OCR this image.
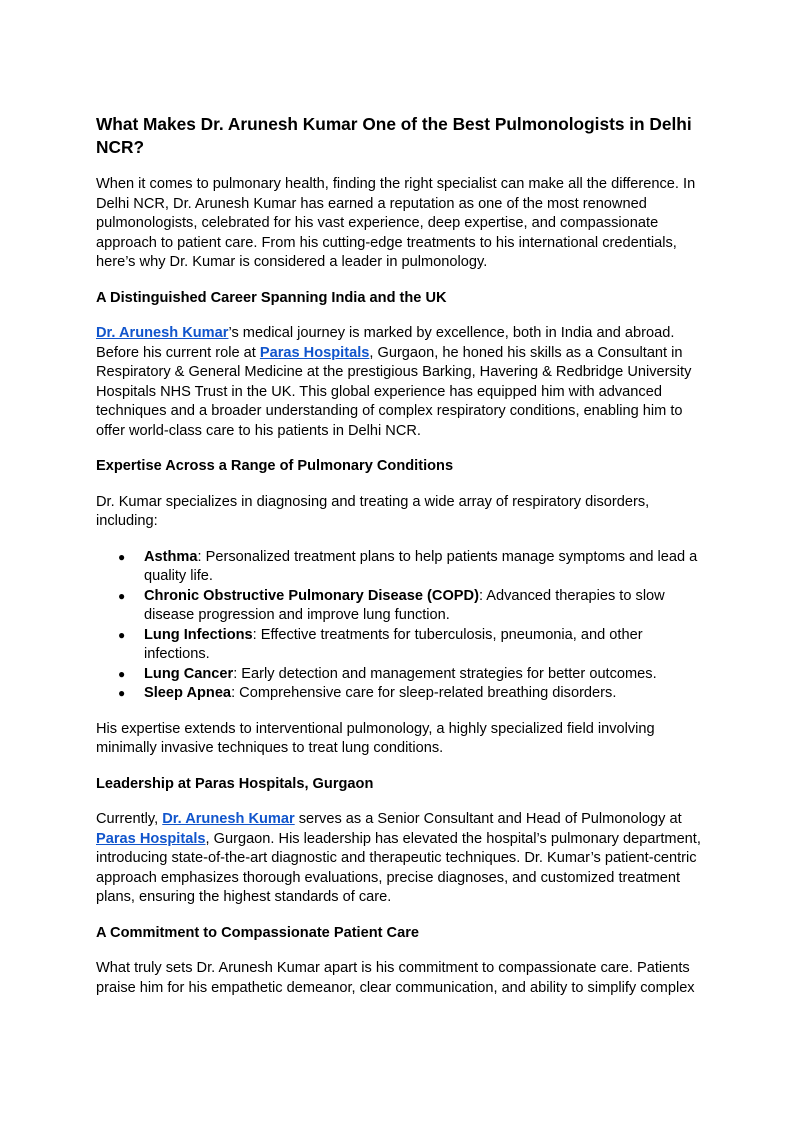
What Makes Dr. Arunesh Kumar One of the Best Pulmonologists in Delhi NCR?

When it comes to pulmonary health, finding the right specialist can make all the difference. In Delhi NCR, Dr. Arunesh Kumar has earned a reputation as one of the most renowned pulmonologists, celebrated for his vast experience, deep expertise, and compassionate approach to patient care. From his cutting-edge treatments to his international credentials, here’s why Dr. Kumar is considered a leader in pulmonology.

A Distinguished Career Spanning India and the UK

Dr. Arunesh Kumar’s medical journey is marked by excellence, both in India and abroad. Before his current role at Paras Hospitals, Gurgaon, he honed his skills as a Consultant in Respiratory & General Medicine at the prestigious Barking, Havering & Redbridge University Hospitals NHS Trust in the UK. This global experience has equipped him with advanced techniques and a broader understanding of complex respiratory conditions, enabling him to offer world-class care to his patients in Delhi NCR.

Expertise Across a Range of Pulmonary Conditions

Dr. Kumar specializes in diagnosing and treating a wide array of respiratory disorders, including:

● Asthma: Personalized treatment plans to help patients manage symptoms and lead a quality life.
● Chronic Obstructive Pulmonary Disease (COPD): Advanced therapies to slow disease progression and improve lung function.
● Lung Infections: Effective treatments for tuberculosis, pneumonia, and other infections.
● Lung Cancer: Early detection and management strategies for better outcomes.
● Sleep Apnea: Comprehensive care for sleep-related breathing disorders.

His expertise extends to interventional pulmonology, a highly specialized field involving minimally invasive techniques to treat lung conditions.

Leadership at Paras Hospitals, Gurgaon

Currently, Dr. Arunesh Kumar serves as a Senior Consultant and Head of Pulmonology at Paras Hospitals, Gurgaon. His leadership has elevated the hospital’s pulmonary department, introducing state-of-the-art diagnostic and therapeutic techniques. Dr. Kumar’s patient-centric approach emphasizes thorough evaluations, precise diagnoses, and customized treatment plans, ensuring the highest standards of care.

A Commitment to Compassionate Patient Care

What truly sets Dr. Arunesh Kumar apart is his commitment to compassionate care. Patients praise him for his empathetic demeanor, clear communication, and ability to simplify complex
